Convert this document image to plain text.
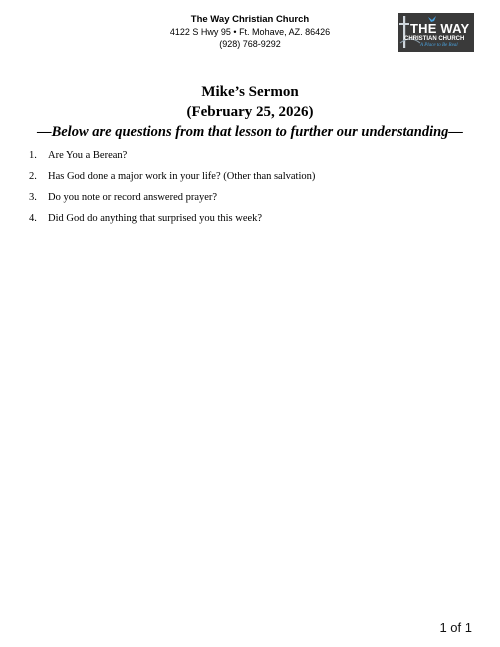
The Way Christian Church
4122 S Hwy 95 • Ft. Mohave, AZ. 86426
(928) 768-9292
THE WAY
CHRISTIAN CHURCH
A Place to Be Real
Mike’s Sermon
(February 25, 2026)
—Below are questions from that lesson to further our understanding—
1.	Are You a Berean?
2.	Has God done a major work in your life? (Other than salvation)
3.	Do you note or record answered prayer?
4.	Did God do anything that surprised you this week?
1 of 1
